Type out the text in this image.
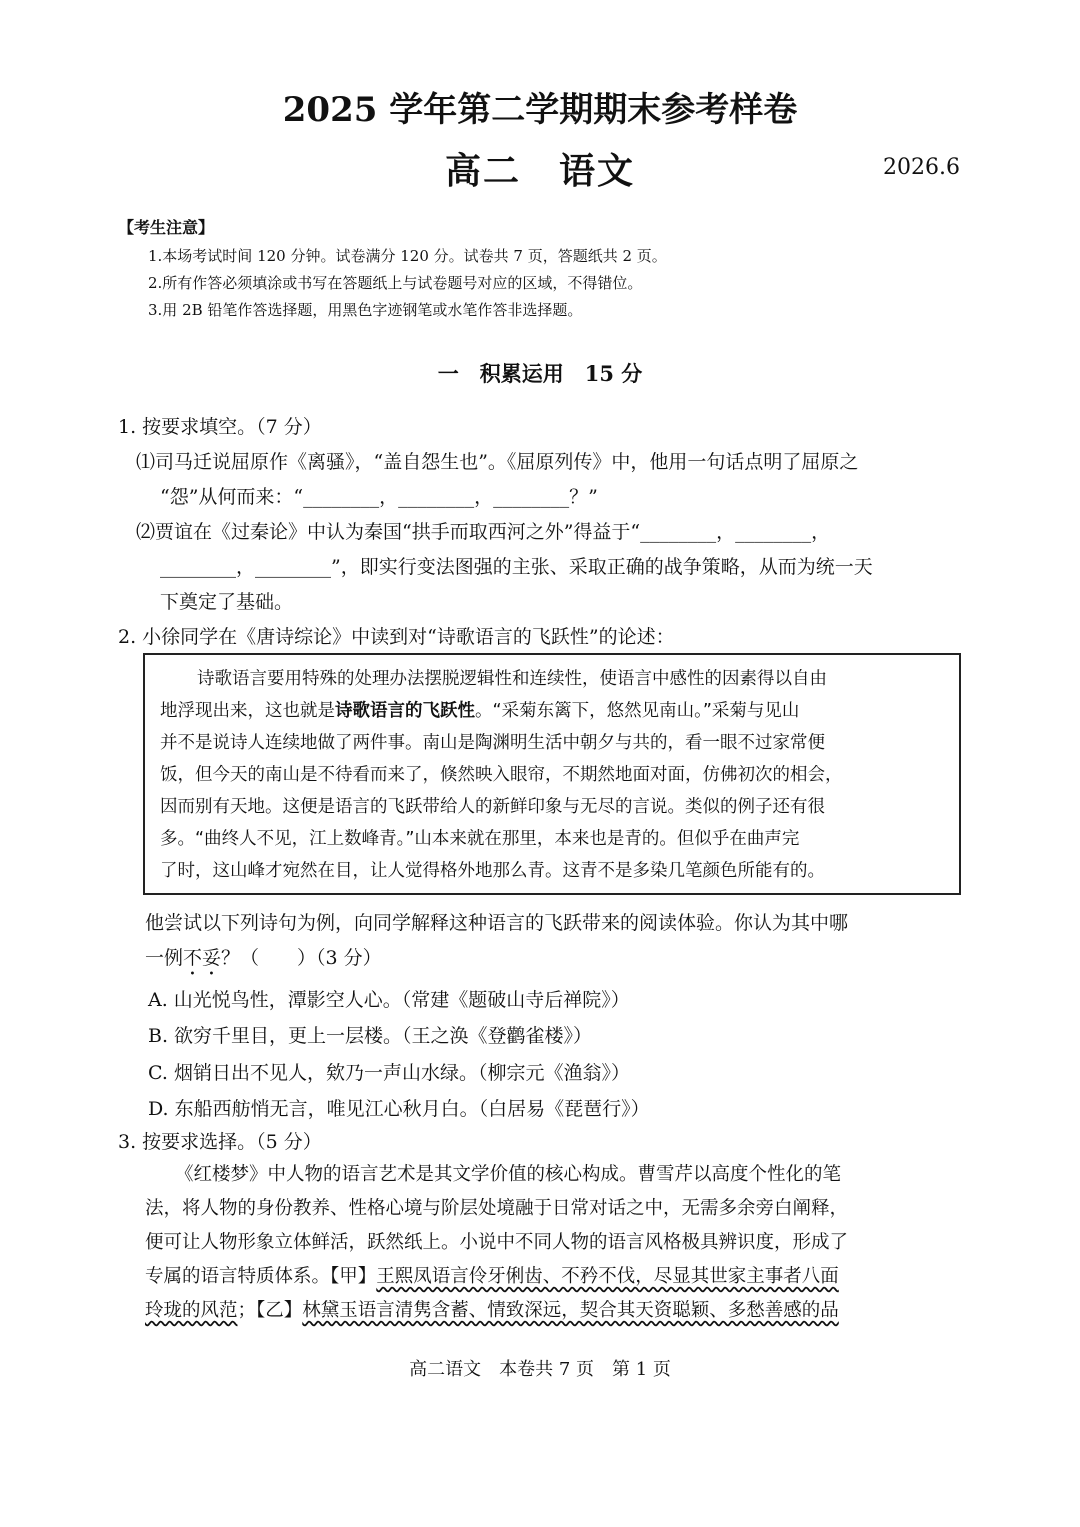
2025 学年第二学期期末参考样卷
高二　语文	2026.6
【考生注意】
1.本场考试时间 120 分钟。试卷满分 120 分。试卷共 7 页，答题纸共 2 页。
2.所有作答必须填涂或书写在答题纸上与试卷题号对应的区域，不得错位。
3.用 2B 铅笔作答选择题，用黑色字迹钢笔或水笔作答非选择题。
一　积累运用　15 分
1. 按要求填空。（7 分）
⑴司马迁说屈原作《离骚》，“盖自怨生也”。《屈原列传》中，他用一句话点明了屈原之
“怨”从何而来：“________，________，________？”
⑵贾谊在《过秦论》中认为秦国“拱手而取西河之外”得益于“________，________，
________，________”，即实行变法图强的主张、采取正确的战争策略，从而为统一天
下奠定了基础。
2. 小徐同学在《唐诗综论》中读到对“诗歌语言的飞跃性”的论述：
诗歌语言要用特殊的处理办法摆脱逻辑性和连续性，使语言中感性的因素得以自由
地浮现出来，这也就是诗歌语言的飞跃性。“采菊东篱下，悠然见南山。”采菊与见山
并不是说诗人连续地做了两件事。南山是陶渊明生活中朝夕与共的，看一眼不过家常便
饭，但今天的南山是不待看而来了，倏然映入眼帘，不期然地面对面，仿佛初次的相会，
因而别有天地。这便是语言的飞跃带给人的新鲜印象与无尽的言说。类似的例子还有很
多。“曲终人不见，江上数峰青。”山本来就在那里，本来也是青的。但似乎在曲声完
了时，这山峰才宛然在目，让人觉得格外地那么青。这青不是多染几笔颜色所能有的。
他尝试以下列诗句为例，向同学解释这种语言的飞跃带来的阅读体验。你认为其中哪
一例不妥？（　　）（3 分）
A. 山光悦鸟性，潭影空人心。（常建《题破山寺后禅院》）
B. 欲穷千里目，更上一层楼。（王之涣《登鹳雀楼》）
C. 烟销日出不见人，欸乃一声山水绿。（柳宗元《渔翁》）
D. 东船西舫悄无言，唯见江心秋月白。（白居易《琵琶行》）
3. 按要求选择。（5 分）
《红楼梦》中人物的语言艺术是其文学价值的核心构成。曹雪芹以高度个性化的笔
法，将人物的身份教养、性格心境与阶层处境融于日常对话之中，无需多余旁白阐释，
便可让人物形象立体鲜活，跃然纸上。小说中不同人物的语言风格极具辨识度，形成了
专属的语言特质体系。【甲】王熙凤语言伶牙俐齿、不矜不伐，尽显其世家主事者八面
玲珑的风范；【乙】林黛玉语言清隽含蓄、情致深远，契合其天资聪颖、多愁善感的品
高二语文　本卷共 7 页　第 1 页
